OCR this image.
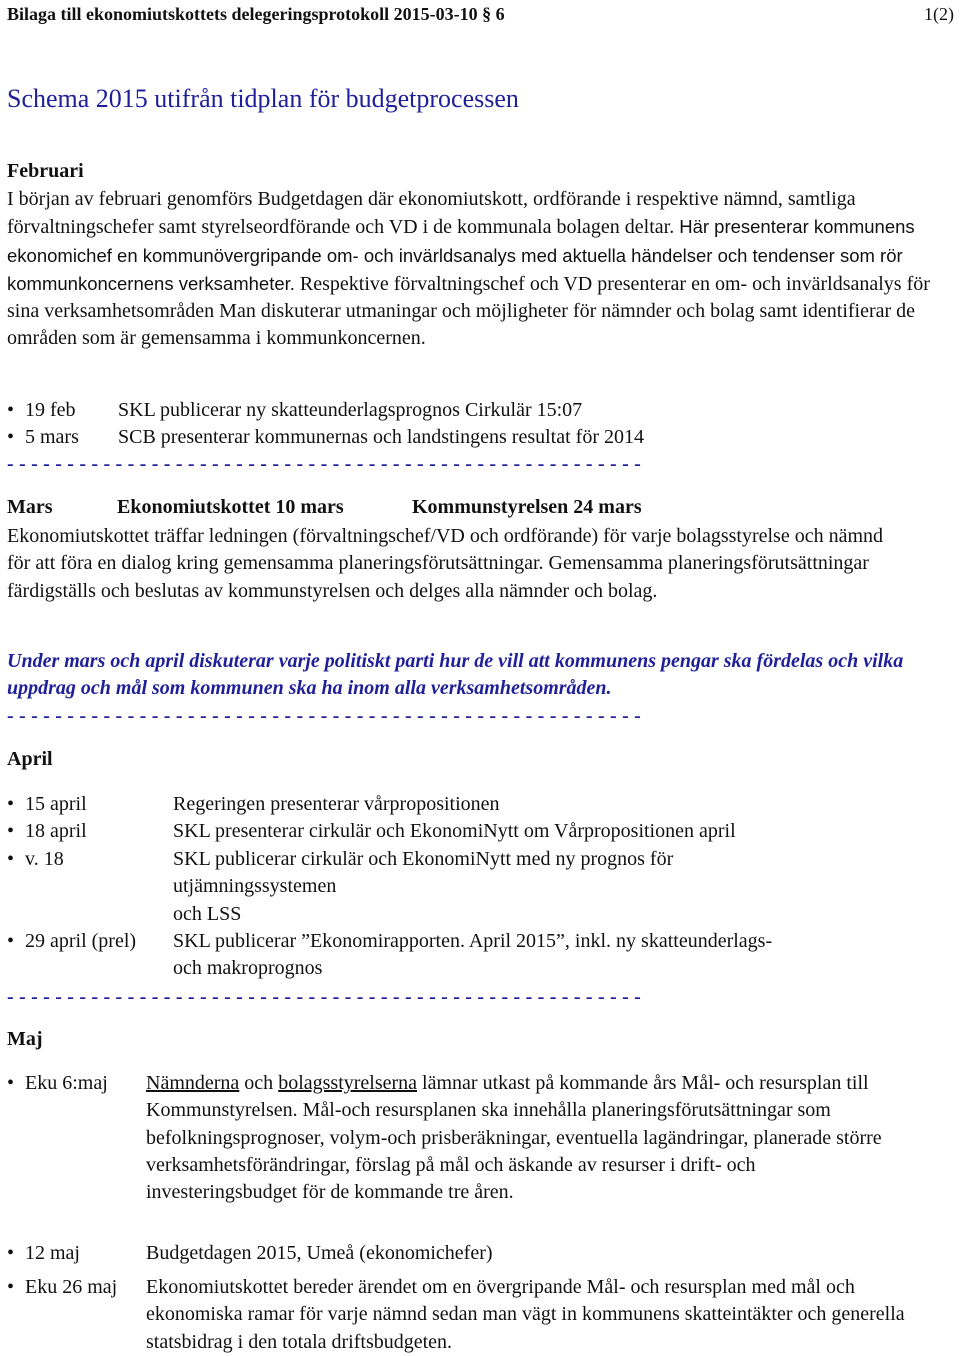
Bilaga till ekonomiutskottets delegeringsprotokoll 2015-03-10 § 6	1(2)
Schema 2015 utifrån tidplan för budgetprocessen
Februari
I början av februari genomförs Budgetdagen där ekonomiutskott, ordförande i respektive nämnd, samtliga förvaltningschefer samt styrelseordförande och VD i de kommunala bolagen deltar. Här presenterar kommunens ekonomichef en kommunövergripande om- och invärldsanalys med aktuella händelser och tendenser som rör kommunkoncernens verksamheter. Respektive förvaltningschef och VD presenterar en om- och invärldsanalys för sina verksamhetsområden Man diskuterar utmaningar och möjligheter för nämnder och bolag samt identifierar de områden som är gemensamma i kommunkoncernen.
• 19 feb	SKL publicerar ny skatteunderlagsprognos Cirkulär 15:07
• 5 mars	SCB presenterar kommunernas och landstingens resultat för 2014
- - - - - - - - - - - - - - - - - - - - - - - - - - - - - - - - - - - - - - - - - - - - - - - - - - - - -
Mars	Ekonomiutskottet 10 mars	Kommunstyrelsen 24 mars
Ekonomiutskottet träffar ledningen (förvaltningschef/VD och ordförande) för varje bolagsstyrelse och nämnd för att föra en dialog kring gemensamma planeringsförutsättningar. Gemensamma planeringsförutsättningar färdigställs och beslutas av kommunstyrelsen och delges alla nämnder och bolag.
Under mars och april diskuterar varje politiskt parti hur de vill att kommunens pengar ska fördelas och vilka uppdrag och mål som kommunen ska ha inom alla verksamhetsområden.
- - - - - - - - - - - - - - - - - - - - - - - - - - - - - - - - - - - - - - - - - - - - - - - - - - - - -
April
• 15 april	Regeringen presenterar vårpropositionen
• 18 april	SKL presenterar cirkulär och EkonomiNytt om Vårpropositionen april
• v. 18	SKL publicerar cirkulär och EkonomiNytt med ny prognos för
utjämningssystemen
och LSS
• 29 april (prel)	SKL publicerar ”Ekonomirapporten. April 2015”, inkl. ny skatteunderlags-
och makroprognos
- - - - - - - - - - - - - - - - - - - - - - - - - - - - - - - - - - - - - - - - - - - - - - - - - - - - -
Maj
• Eku 6:maj	Nämnderna och bolagsstyrelserna lämnar utkast på kommande års Mål- och resursplan till Kommunstyrelsen. Mål-och resursplanen ska innehålla planeringsförutsättningar som befolkningsprognoser, volym-och prisberäkningar, eventuella lagändringar, planerade större verksamhetsförändringar, förslag på mål och äskande av resurser i drift- och investeringsbudget för de kommande tre åren.
• 12 maj	Budgetdagen 2015, Umeå (ekonomichefer)
• Eku 26 maj	Ekonomiutskottet bereder ärendet om en övergripande Mål- och resursplan med mål och ekonomiska ramar för varje nämnd sedan man vägt in kommunens skatteintäkter och generella statsbidrag i den totala driftsbudgeten.
